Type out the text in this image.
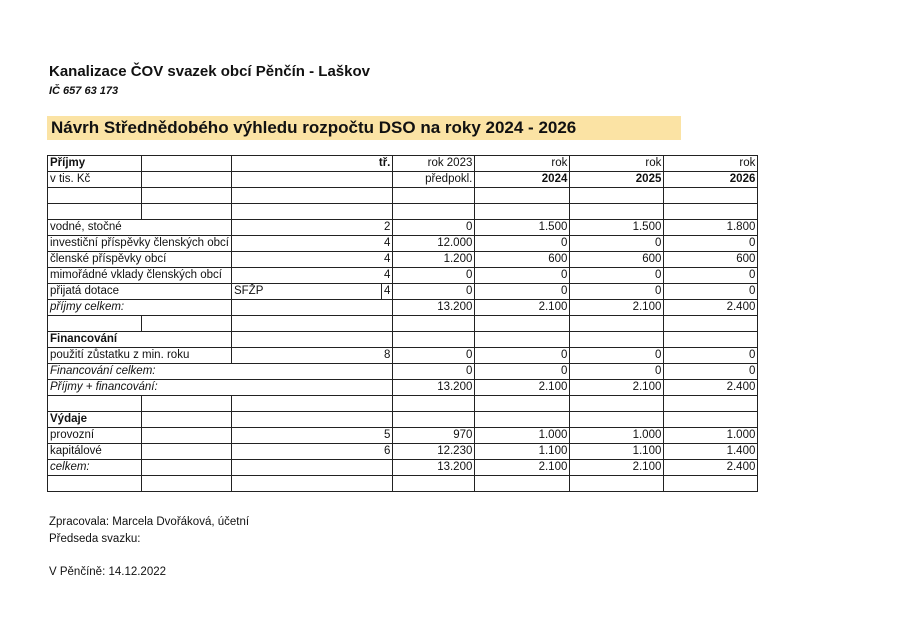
Kanalizace ČOV svazek obcí Pěnčín - Laškov
IČ 657 63 173
Návrh Střednědobého výhledu rozpočtu DSO na roky 2024 - 2026
Příjmy		tř.		rok 2023	rok	rok	rok
v tis. Kč				předpokl.	2024	2025	2026

vodné, stočné		2		0	1.500	1.500	1.800
investiční příspěvky členských obcí		4		12.000	0	0	0
členské příspěvky obcí		4		1.200	600	600	600
mimořádné vklady členských obcí		4		0	0	0	0
přijatá dotace		SFŽP	4	0	0	0	0
příjmy celkem:				13.200	2.100	2.100	2.400

Financování							
použití zůstatku z min. roku		8		0	0	0	0
Financování celkem:				0	0	0	0
Příjmy + financování:				13.200	2.100	2.100	2.400

Výdaje							
provozní		5		970	1.000	1.000	1.000
kapitálové		6		12.230	1.100	1.100	1.400
celkem:				13.200	2.100	2.100	2.400

Zpracovala: Marcela Dvořáková, účetní
Předseda svazku:
V Pěnčíně: 14.12.2022
